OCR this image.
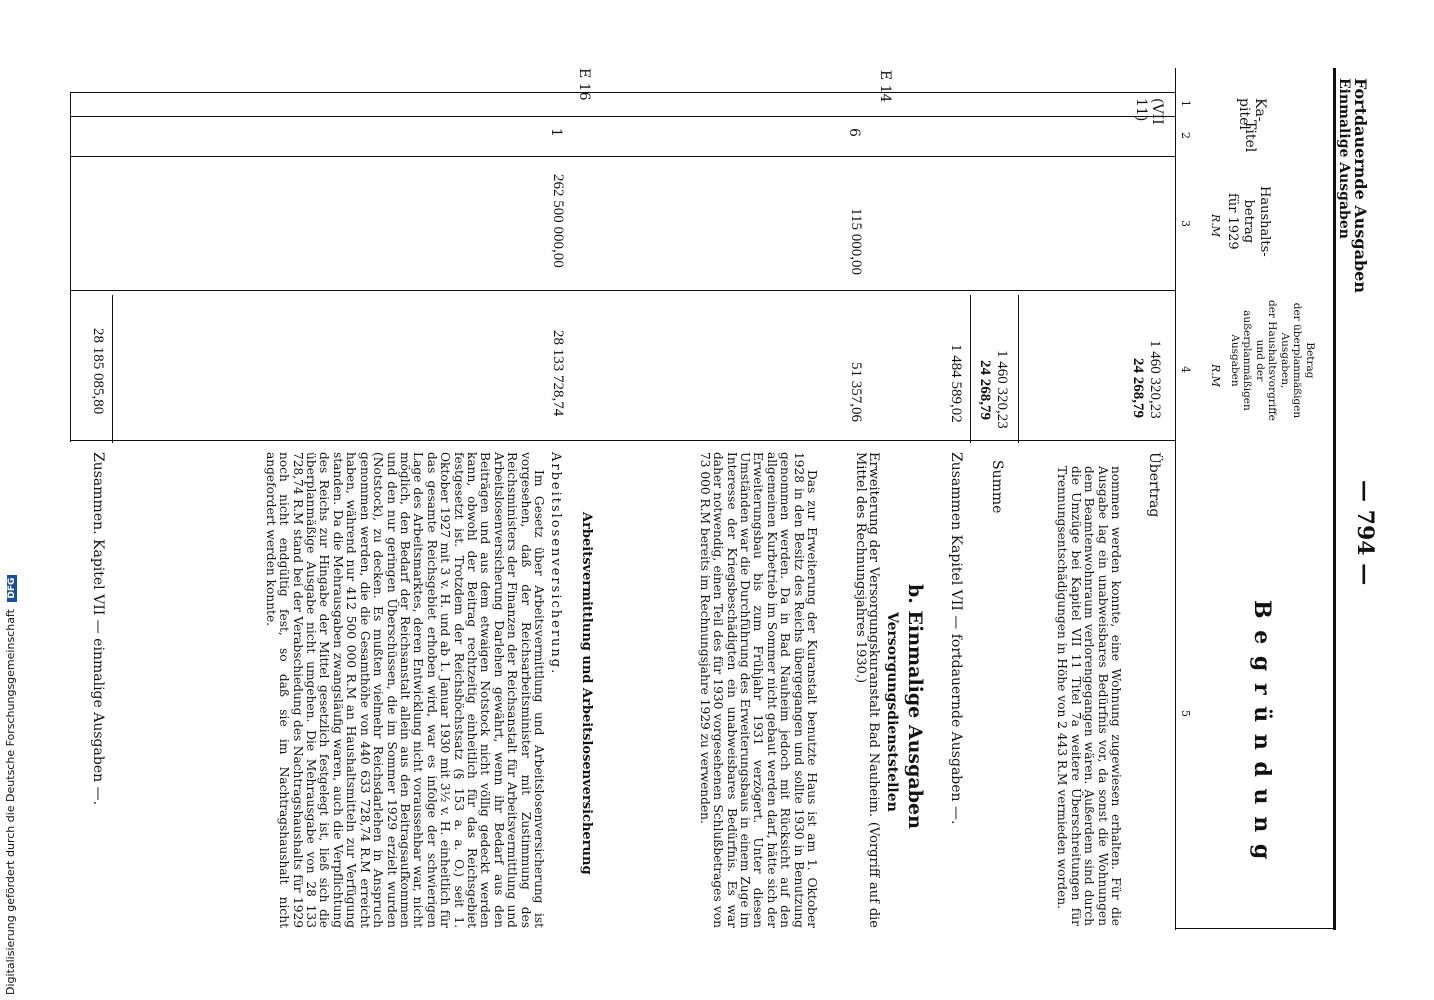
Fortdauernde Ausgaben
Einmalige Ausgaben
— 794 —
B e g r ü n d u n g
Ka-
pitel
Titel
Haushalts-
betrag
für 1929
R.M
Betrag
der überplanmäßigen
Ausgaben,
der Haushaltsvorgriffe
und der
außerplanmäßigen
Ausgaben
R.M
1
2
3
4
5
(VII
11)
1 460 320,23
24 268,79
Übertrag

nommen werden konnte, eine Wohnung zugewiesen erhalten. Für die Ausgabe lag ein unabweisbares Bedürfnis vor, da sonst die Wohnungen dem Beamtenwohnraum verlorengegangen wären. Außerdem sind durch die Umzüge bei Kapitel VII 11 Titel 7a weitere Überschreitungen für Trennungsentschädigungen in Höhe von 2 443 R.M vermieden worden.

1 460 320,23
24 268,79
Summe
1 484 589,02
Zusammen Kapitel VII — fortdauernde Ausgaben —.
b. Einmalige Ausgaben
Versorgungsdienststellen
E 14
6
115 000,00
51 357,06

Erweiterung der Versorgungskuranstalt Bad Nauheim. (Vorgriff auf die Mittel des Rechnungsjahres 1930.)

Das zur Erweiterung der Kuranstalt benutzte Haus ist am 1. Oktober 1928 in den Besitz des Reichs übergegangen und sollte 1930 in Benutzung genommen werden. Da in Bad Nauheim jedoch mit Rücksicht auf den allgemeinen Kurbetrieb im Sommer nicht gebaut werden darf, hätte sich der Erweiterungsbau bis zum Frühjahr 1931 verzögert. Unter diesen Umständen war die Durchführung des Erweiterungsbaus in einem Zuge im Interesse der Kriegsbeschädigten ein unabweisbares Bedürfnis. Es war daher notwendig, einen Teil des für 1930 vorgesehenen Schlußbetrages von 73 000 R.M bereits im Rechnungsjahre 1929 zu verwenden.

Arbeitsvermittlung und Arbeitslosenversicherung
E 16
1
262 500 000,00
28 133 728,74
Arbeitslosenversicherung.

Im Gesetz über Arbeitsvermittlung und Arbeitslosenversicherung ist vorgesehen, daß der Reichsarbeitsminister mit Zustimmung des Reichsministers der Finanzen der Reichsanstalt für Arbeitsvermittlung und Arbeitslosenversicherung Darlehen gewährt, wenn ihr Bedarf aus den Beiträgen und aus dem etwaigen Notstock nicht völlig gedeckt werden kann, obwohl der Beitrag rechtzeitig einheitlich für das Reichsgebiet festgesetzt ist. Trotzdem der Reichshöchstsatz (§ 153 a. a. O.) seit 1. Oktober 1927 mit 3 v. H. und ab 1. Januar 1930 mit 3½ v. H. einheitlich für das gesamte Reichsgebiet erhoben wird, war es infolge der schwierigen Lage des Arbeitsmarktes, deren Entwicklung nicht voraussehbar war, nicht möglich, den Bedarf der Reichsanstalt allein aus den Beitragsaufkommen und den nur geringen Überschüssen, die im Sommer 1929 erzielt wurden (Notstock), zu decken. Es mußten vielmehr Reichsdarlehen in Anspruch genommen werden, die die Gesamthöhe von 440 633 728,74 R.M erreicht haben, während nur 412 500 000 R.M an Haushaltsmitteln zur Verfügung standen. Da die Mehrausgaben zwangsläufig waren, auch die Verpflichtung des Reichs zur Hingabe der Mittel gesetzlich festgelegt ist, ließ sich die überplanmäßige Ausgabe nicht umgehen. Die Mehrausgabe von 28 133 728,74 R.M stand bei der Verabschiedung des Nachtragshaushalts für 1929 noch nicht endgültig fest, so daß sie im Nachtragshaushalt nicht angefordert werden konnte.

28 185 085,80
Zusammen. Kapitel VII — einmalige Ausgaben —.
Digitalisierung gefördert durch die Deutsche Forschungsgemeinschaft DFG
